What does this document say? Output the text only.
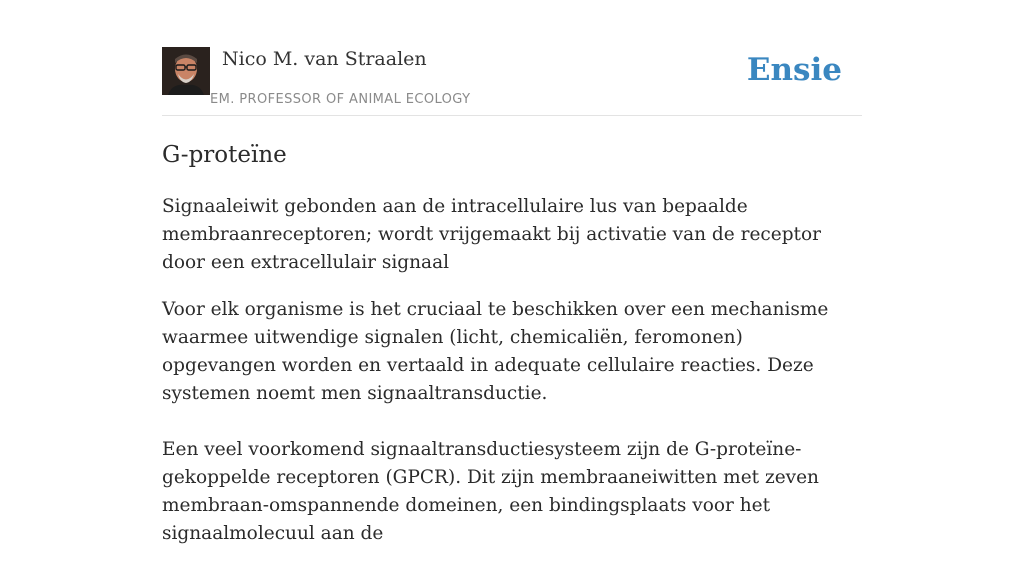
Nico M. van Straalen
EM. PROFESSOR OF ANIMAL ECOLOGY
Ensie
G-proteïne

Signaaleiwit gebonden aan de intracellulaire lus van bepaalde membraanreceptoren; wordt vrijgemaakt bij activatie van de receptor door een extracellulair signaal

Voor elk organisme is het cruciaal te beschikken over een mechanisme waarmee uitwendige signalen (licht, chemicaliën, feromonen) opgevangen worden en vertaald in adequate cellulaire reacties. Deze systemen noemt men signaaltransductie.

Een veel voorkomend signaaltransductiesysteem zijn de G-proteïne-gekoppelde receptoren (GPCR). Dit zijn membraaneiwitten met zeven membraan-omspannende domeinen, een bindingsplaats voor het signaalmolecuul aan de
